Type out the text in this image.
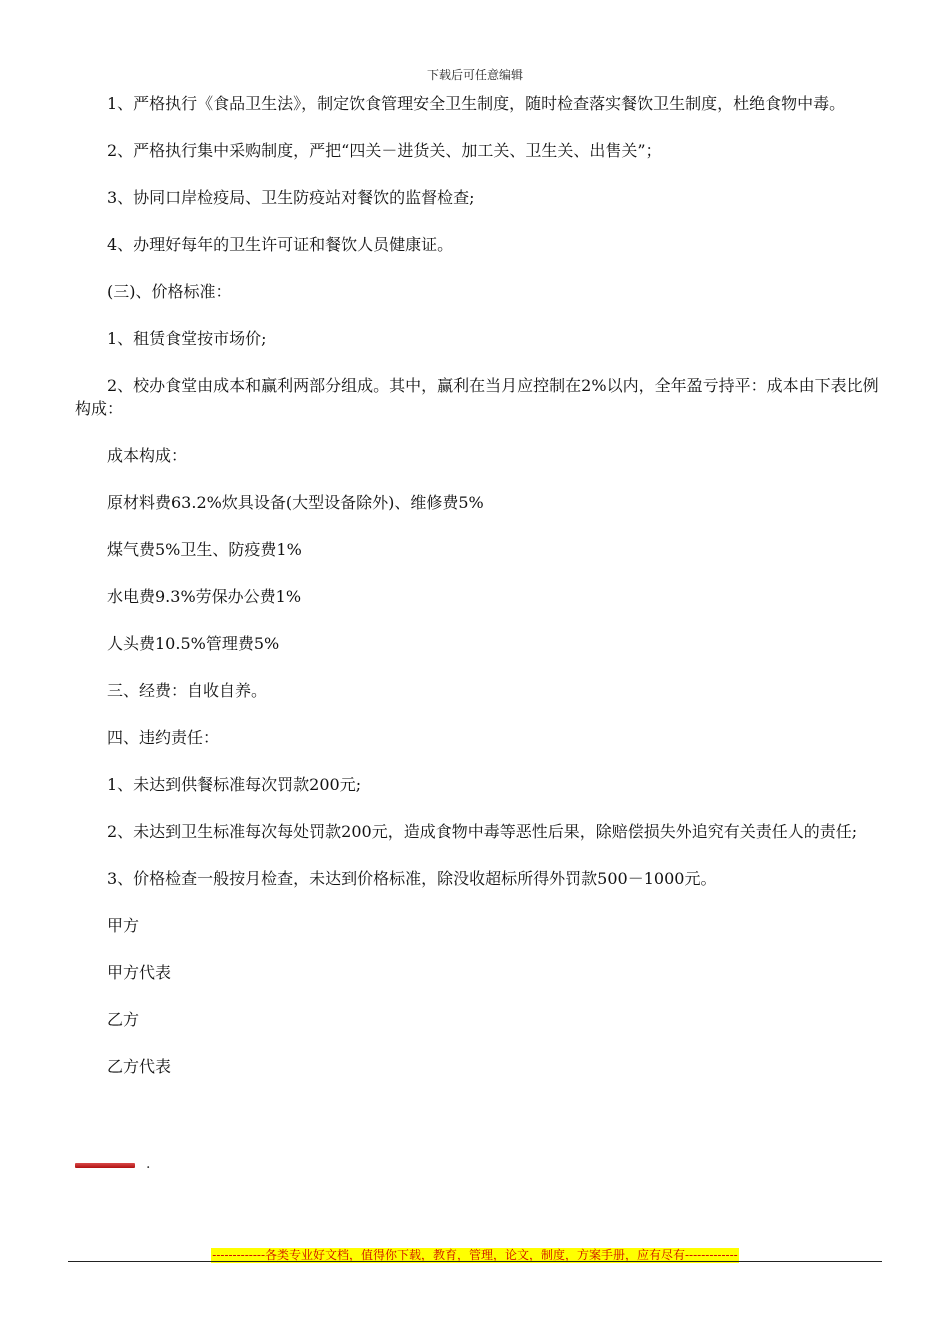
下载后可任意编辑

1、严格执行《食品卫生法》，制定饮食管理安全卫生制度，随时检查落实餐饮卫生制度，杜绝食物中毒。

2、严格执行集中采购制度，严把“四关－进货关、加工关、卫生关、出售关”；

3、协同口岸检疫局、卫生防疫站对餐饮的监督检查;

4、办理好每年的卫生许可证和餐饮人员健康证。

(三)、价格标准：

1、租赁食堂按市场价;

2、校办食堂由成本和赢利两部分组成。其中，赢利在当月应控制在2%以内，全年盈亏持平：成本由下表比例构成：

成本构成：

原材料费63.2%炊具设备(大型设备除外)、维修费5%

煤气费5%卫生、防疫费1%

水电费9.3%劳保办公费1%

人头费10.5%管理费5%

三、经费：自收自养。

四、违约责任：

1、未达到供餐标准每次罚款200元;

2、未达到卫生标准每次每处罚款200元，造成食物中毒等恶性后果，除赔偿损失外追究有关责任人的责任;

3、价格检查一般按月检查，未达到价格标准，除没收超标所得外罚款500－1000元。

甲方

甲方代表

乙方

乙方代表

.
-------------各类专业好文档，值得你下载，教育，管理，论文，制度，方案手册，应有尽有-------------
